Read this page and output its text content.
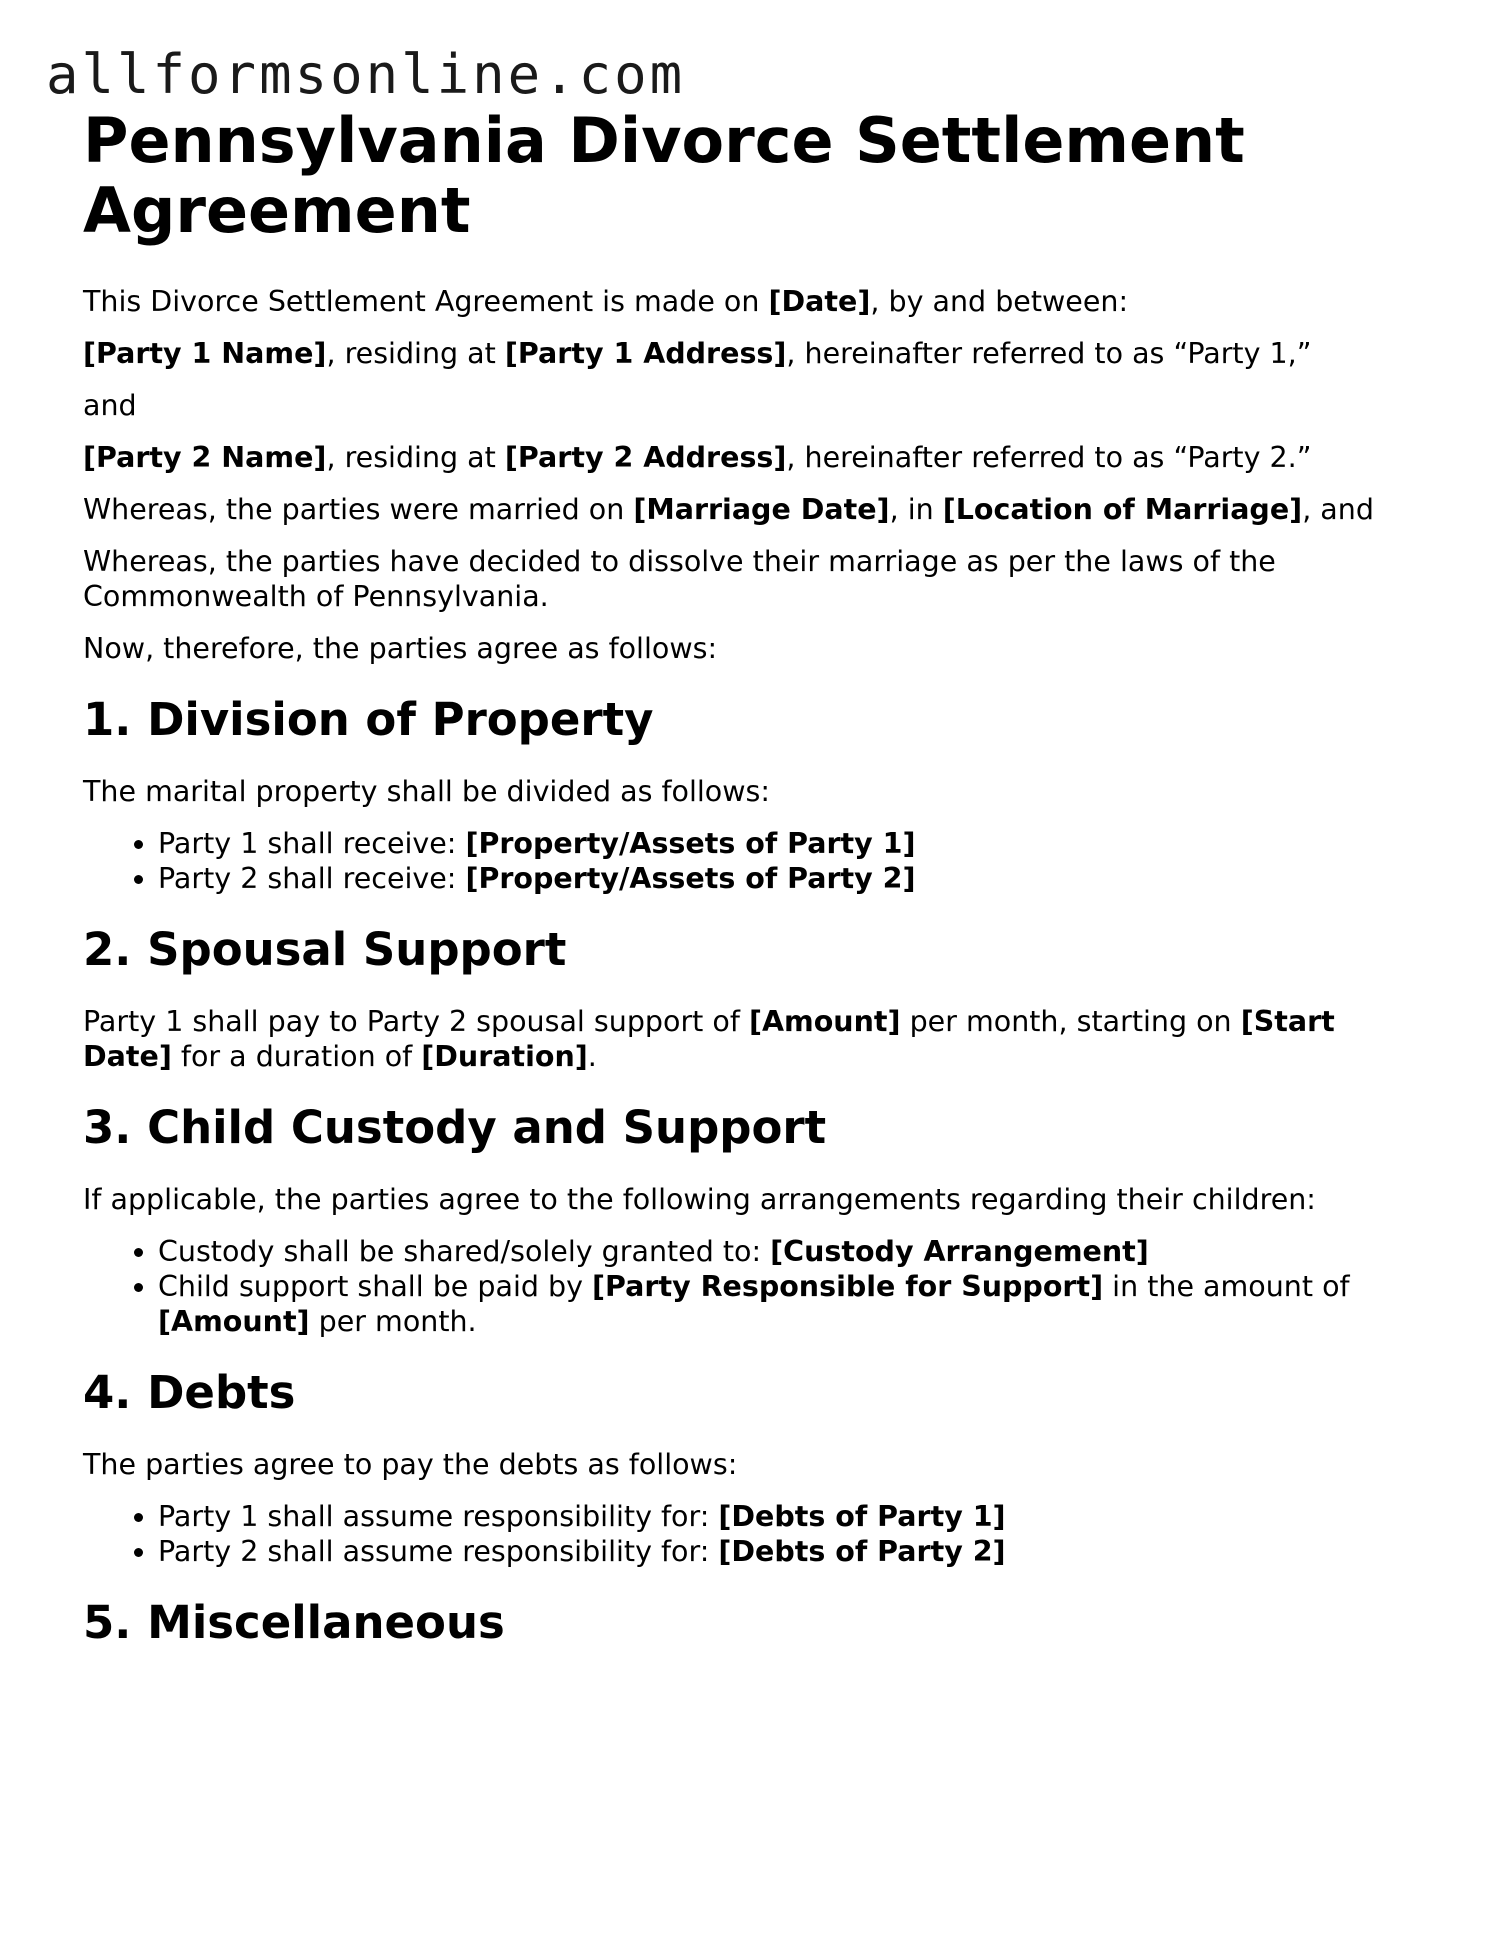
allformsonline.com
Pennsylvania Divorce Settlement Agreement

This Divorce Settlement Agreement is made on [Date], by and between:

[Party 1 Name], residing at [Party 1 Address], hereinafter referred to as “Party 1,”

and

[Party 2 Name], residing at [Party 2 Address], hereinafter referred to as “Party 2.”

Whereas, the parties were married on [Marriage Date], in [Location of Marriage], and

Whereas, the parties have decided to dissolve their marriage as per the laws of the Commonwealth of Pennsylvania.

Now, therefore, the parties agree as follows:

1. Division of Property

The marital property shall be divided as follows:

• Party 1 shall receive: [Property/Assets of Party 1]
• Party 2 shall receive: [Property/Assets of Party 2]
2. Spousal Support

Party 1 shall pay to Party 2 spousal support of [Amount] per month, starting on [Start Date] for a duration of [Duration].

3. Child Custody and Support

If applicable, the parties agree to the following arrangements regarding their children:

• Custody shall be shared/solely granted to: [Custody Arrangement]
• Child support shall be paid by [Party Responsible for Support] in the amount of [Amount] per month.
4. Debts

The parties agree to pay the debts as follows:

• Party 1 shall assume responsibility for: [Debts of Party 1]
• Party 2 shall assume responsibility for: [Debts of Party 2]
5. Miscellaneous
